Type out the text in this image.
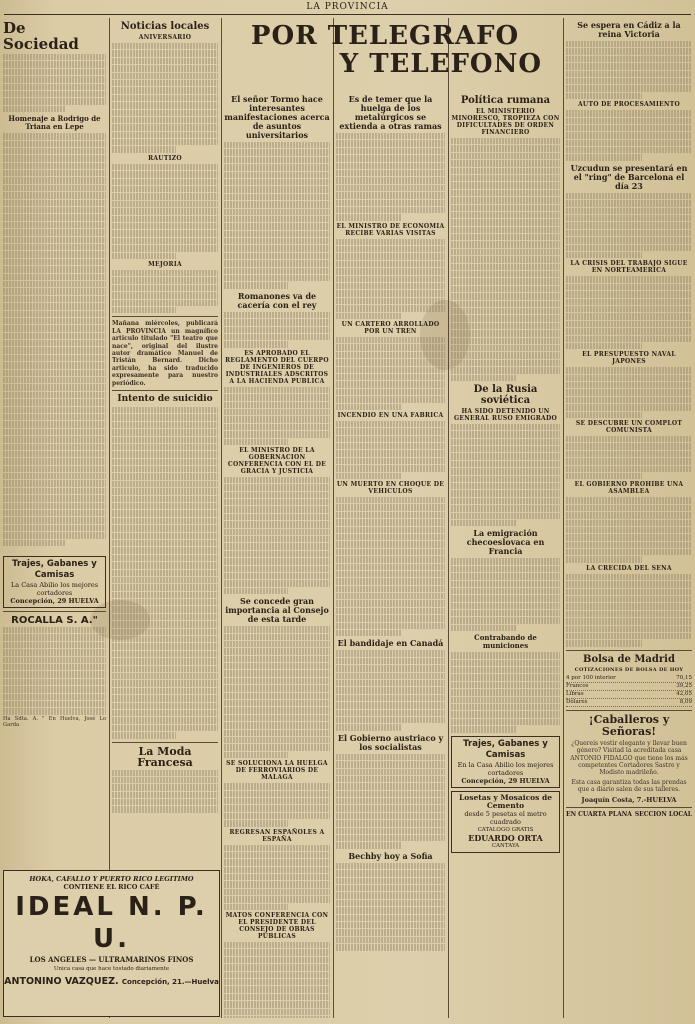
LA PROVINCIA
POR TELEGRAFO
Y TELEFONO
De Sociedad
Homenaje a Rodrigo de Triana en Lepe
Trajes, Gabanes y Camisas
La Casa Abilio los mejores cortadores
Concepción, 29 HUELVA
ROCALLA S. A."

Ha Sdta. A. " En Huelva, José Lo Garda

Noticias locales
ANIVERSARIO
RAUTIZO
MEJORIA

Mañana miércoles, publicará LA PROVINCIA un magnífico articulo titulado "El teatro que nace", original del ilustre autor dramático Manuel de Tristán Bernard. Dicho articulo, ha sido traducido expresamente para nuestro periódico.

Intento de suicidio
La Moda Francesa
HOKA, CAFALLO Y PUERTO RICO LEGITIMO
CONTIENE EL RICO CAFÉ
IDEAL N. P. U.
LOS ANGELES — ULTRAMARINOS FINOS
Unica casa que hace tostado diariamente
ANTONINO VAZQUEZ. Concepción, 21.—Huelva
El señor Tormo hace interesantes manifestaciones acerca de asuntos universitarios
Romanones va de cacería con el rey
ES APROBADO EL REGLAMENTO DEL CUERPO DE INGENIEROS DE INDUSTRIALES ADSCRITOS A LA HACIENDA PUBLICA
EL MINISTRO DE LA GOBERNACION CONFERENCIA CON EL DE GRACIA Y JUSTICIA
Se concede gran importancia al Consejo de esta tarde
SE SOLUCIONA LA HUELGA DE FERROVIARIOS DE MALAGA
REGRESAN ESPAÑOLES A ESPAÑA
MATOS CONFERENCIA CON EL PRESIDENTE DEL CONSEJO DE OBRAS PUBLICAS
Es de temer que la huelga de los metalúrgicos se extienda a otras ramas
EL MINISTRO DE ECONOMIA RECIBE VARIAS VISITAS
UN CARTERO ARROLLADO POR UN TREN
INCENDIO EN UNA FABRICA
UN MUERTO EN CHOQUE DE VEHICULOS
El bandidaje en Canadá
El Gobierno austriaco y los socialistas
Bechby hoy a Sofia
Política rumana
EL MINISTERIO MINORESCO, TROPIEZA CON DIFICULTADES DE ORDEN FINANCIERO
De la Rusia soviética
HA SIDO DETENIDO UN GENERAL RUSO EMIGRADO
La emigración checoeslovaca en Francia
Contrabando de municiones
Trajes, Gabanes y Camisas
En la Casa Abilio los mejores cortadores
Concepción, 29 HUELVA
Losetas y Mosaicos de Cemento
desde 5 pesetas el metro cuadrado
CATALOGO GRATIS
EDUARDO ORTA
CANTAYA
Se espera en Cádiz a la reina Victoria
AUTO DE PROCESAMIENTO
Uzcudun se presentará en el "ring" de Barcelona el día 23
LA CRISIS DEL TRABAJO SIGUE EN NORTEAMERICA
EL PRESUPUESTO NAVAL JAPONES
SE DESCUBRE UN COMPLOT COMUNISTA
EL GOBIERNO PROHIBE UNA ASAMBLEA
LA CRECIDA DEL SENA
Bolsa de Madrid
COTIZACIONES DE BOLSA DE HOY
4 por 100 interior	70,15
Francos	39,25
Libras	42,05
Dólares	8,09
¡Caballeros y Señoras!

¿Quereis vestir elegante y llevar buen género? Visitad la acreditada casa ANTONIO FIDALGO que tiene los más competentes Cortadores Sastre y Modisto madrileño.

Esta casa garantiza todas las prendas que a diario salen de sus talleres.

Joaquín Costa, 7.-HUELVA
EN CUARTA PLANA SECCION LOCAL
